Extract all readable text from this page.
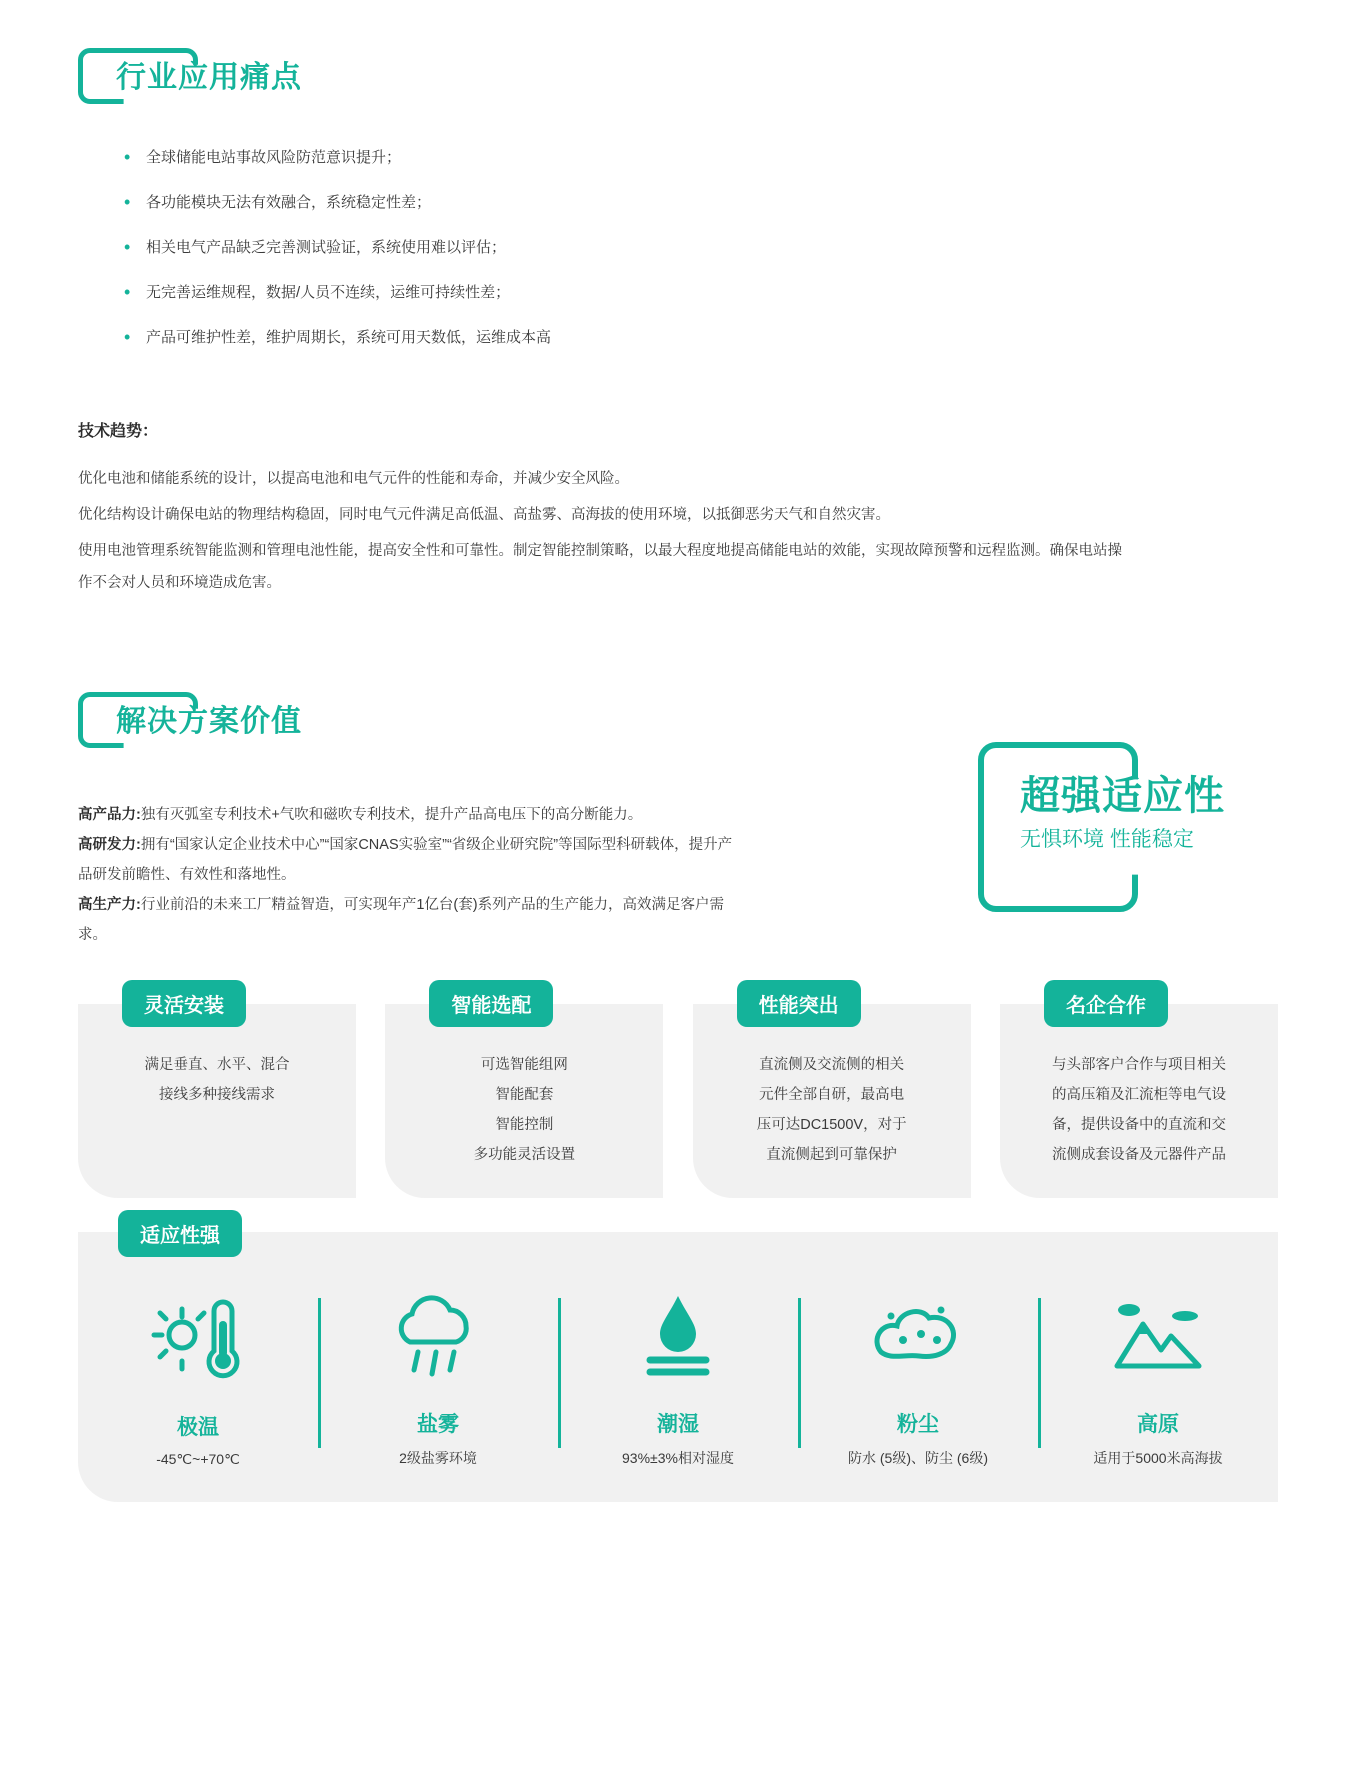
行业应用痛点
• 全球储能电站事故风险防范意识提升；
• 各功能模块无法有效融合，系统稳定性差；
• 相关电气产品缺乏完善测试验证，系统使用难以评估；
• 无完善运维规程，数据/人员不连续，运维可持续性差；
• 产品可维护性差，维护周期长，系统可用天数低，运维成本高
技术趋势：

优化电池和储能系统的设计，以提高电池和电气元件的性能和寿命，并减少安全风险。

优化结构设计确保电站的物理结构稳固，同时电气元件满足高低温、高盐雾、高海拔的使用环境，以抵御恶劣天气和自然灾害。

使用电池管理系统智能监测和管理电池性能，提高安全性和可靠性。制定智能控制策略，以最大程度地提高储能电站的效能，实现故障预警和远程监测。确保电站操作不会对人员和环境造成危害。

解决方案价值
超强适应性
无惧环境 性能稳定

高产品力:独有灭弧室专利技术+气吹和磁吹专利技术，提升产品高电压下的高分断能力。

高研发力:拥有“国家认定企业技术中心”“国家CNAS实验室”“省级企业研究院”等国际型科研载体，提升产品研发前瞻性、有效性和落地性。

高生产力:行业前沿的未来工厂精益智造，可实现年产1亿台(套)系列产品的生产能力，高效满足客户需求。

灵活安装
满足垂直、水平、混合
接线多种接线需求
智能选配
可选智能组网
智能配套
智能控制
多功能灵活设置
性能突出
直流侧及交流侧的相关
元件全部自研，最高电
压可达DC1500V，对于
直流侧起到可靠保护
名企合作
与头部客户合作与项目相关
的高压箱及汇流柜等电气设
备，提供设备中的直流和交
流侧成套设备及元器件产品
适应性强
极温
-45℃~+70℃
盐雾
2级盐雾环境
潮湿
93%±3%相对湿度
粉尘
防水 (5级)、防尘 (6级)
高原
适用于5000米高海拔
